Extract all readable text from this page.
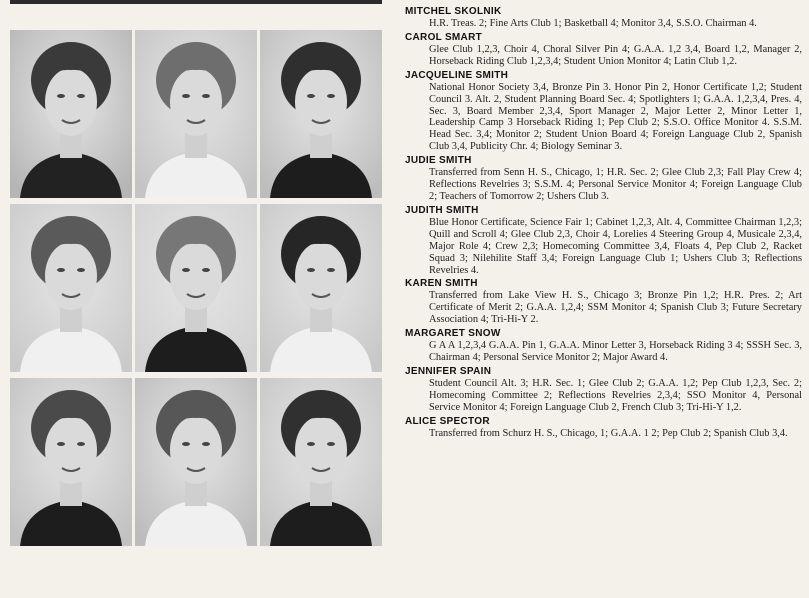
MITCHEL SKOLNIK
H.R. Treas. 2; Fine Arts Club 1; Basketball 4; Monitor 3,4, S.S.O. Chairman 4.
CAROL SMART
Glee Club 1,2,3, Choir 4, Choral Silver Pin 4; G.A.A. 1,2 3,4, Board 1,2, Manager 2, Horseback Riding Club 1,2,3,4; Student Union Monitor 4; Latin Club 1,2.
JACQUELINE SMITH
National Honor Society 3,4, Bronze Pin 3. Honor Pin 2, Honor Certificate 1,2; Student Council 3. Alt. 2, Student Planning Board Sec. 4; Spotlighters 1; G.A.A. 1,2,3,4, Pres. 4, Sec. 3, Board Member 2,3,4, Sport Manager 2, Major Letter 2, Minor Letter 1, Leadership Camp 3 Horseback Riding 1; Pep Club 2; S.S.O. Office Monitor 4. S.S.M. Head Sec. 3,4; Monitor 2; Student Union Board 4; Foreign Language Club 2, Spanish Club 3,4, Publicity Chr. 4; Biology Seminar 3.
JUDIE SMITH
Transferred from Senn H. S., Chicago, 1; H.R. Sec. 2; Glee Club 2,3; Fall Play Crew 4; Reflections Revelries 3; S.S.M. 4; Personal Service Monitor 4; Foreign Language Club 2; Teachers of Tomorrow 2; Ushers Club 3.
JUDITH SMITH
Blue Honor Certificate, Science Fair 1; Cabinet 1,2,3, Alt. 4, Committee Chairman 1,2,3; Quill and Scroll 4; Glee Club 2,3, Choir 4, Lorelies 4 Steering Group 4, Musicale 2,3,4, Major Role 4; Crew 2,3; Homecoming Committee 3,4, Floats 4, Pep Club 2, Racket Squad 3; Nilehilite Staff 3,4; Foreign Language Club 1; Ushers Club 3; Reflections Revelries 4.
KAREN SMITH
Transferred from Lake View H. S., Chicago 3; Bronze Pin 1,2; H.R. Pres. 2; Art Certificate of Merit 2; G.A.A. 1,2,4; SSM Monitor 4; Spanish Club 3; Future Secretary Association 4; Tri-Hi-Y 2.
MARGARET SNOW
G A A 1,2,3,4 G.A.A. Pin 1, G.A.A. Minor Letter 3, Horseback Riding 3 4; SSSH Sec. 3, Chairman 4; Personal Service Monitor 2; Major Award 4.
JENNIFER SPAIN
Student Council Alt. 3; H.R. Sec. 1; Glee Club 2; G.A.A. 1,2; Pep Club 1,2,3, Sec. 2; Homecoming Committee 2; Reflections Revelries 2,3,4; SSO Monitor 4, Personal Service Monitor 4; Foreign Language Club 2, French Club 3; Tri-Hi-Y 1,2.
ALICE SPECTOR
Transferred from Schurz H. S., Chicago, 1; G.A.A. 1 2; Pep Club 2; Spanish Club 3,4.
